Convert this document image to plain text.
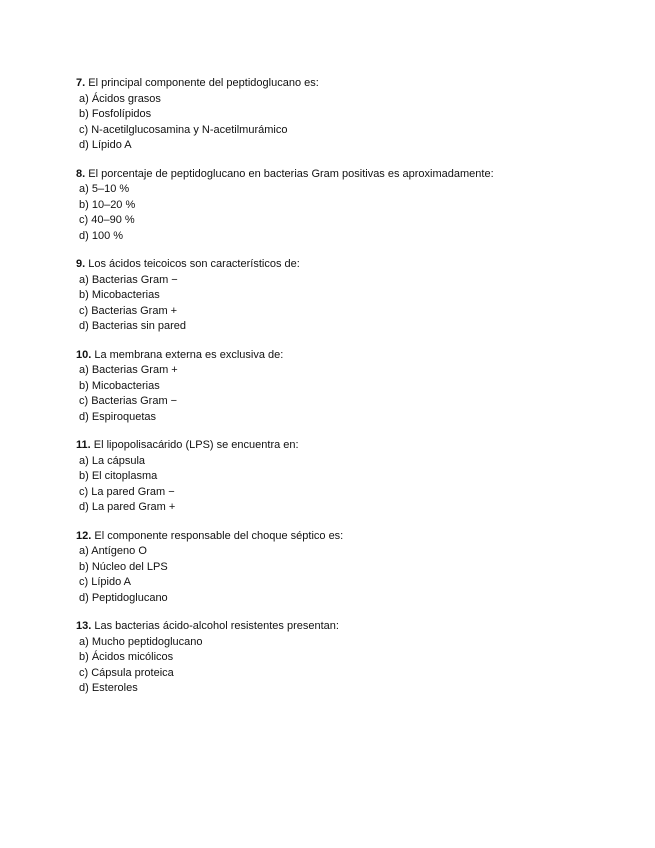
7. El principal componente del peptidoglucano es:
a) Ácidos grasos
b) Fosfolípidos
c) N-acetilglucosamina y N-acetilmurámico
d) Lípido A
8. El porcentaje de peptidoglucano en bacterias Gram positivas es aproximadamente:
a) 5–10 %
b) 10–20 %
c) 40–90 %
d) 100 %
9. Los ácidos teicoicos son característicos de:
a) Bacterias Gram −
b) Micobacterias
c) Bacterias Gram +
d) Bacterias sin pared
10. La membrana externa es exclusiva de:
a) Bacterias Gram +
b) Micobacterias
c) Bacterias Gram −
d) Espiroquetas
11. El lipopolisacárido (LPS) se encuentra en:
a) La cápsula
b) El citoplasma
c) La pared Gram −
d) La pared Gram +
12. El componente responsable del choque séptico es:
a) Antígeno O
b) Núcleo del LPS
c) Lípido A
d) Peptidoglucano
13. Las bacterias ácido-alcohol resistentes presentan:
a) Mucho peptidoglucano
b) Ácidos micólicos
c) Cápsula proteica
d) Esteroles
